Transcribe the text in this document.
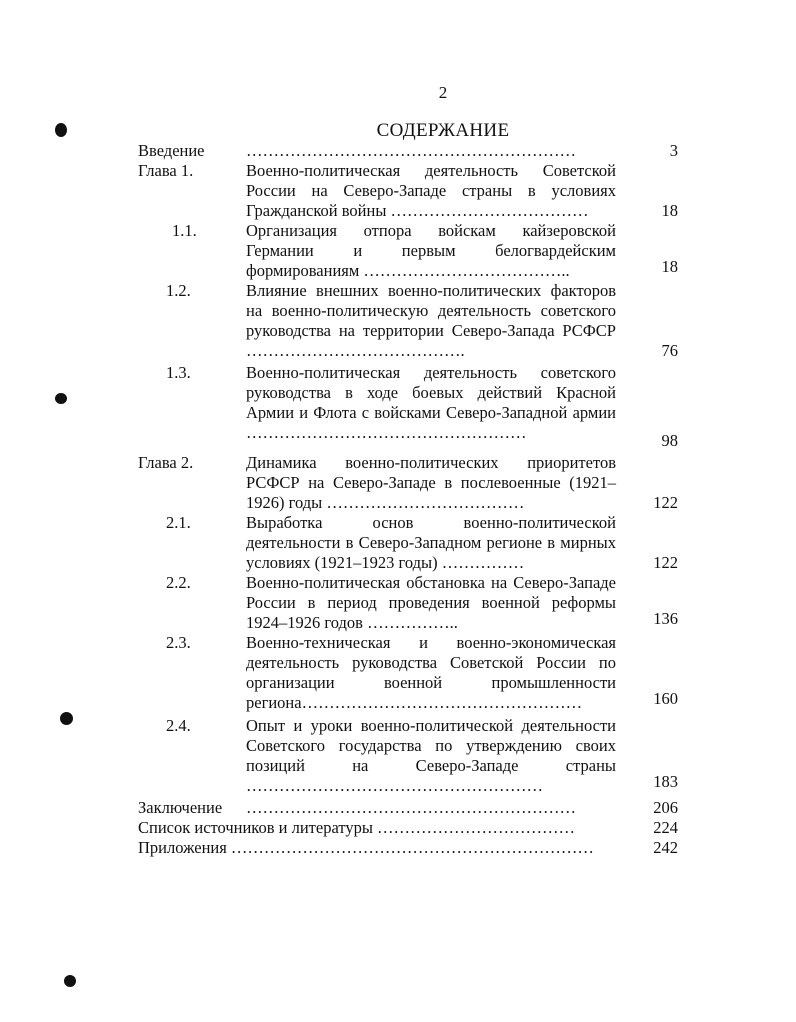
2
СОДЕРЖАНИЕ
Введение	……………………………………………………	3
Глава 1.	Военно-политическая деятельность Советской России на Северо-Западе страны в условиях Гражданской войны ………………………………	18
1.1.	Организация отпора войскам кайзеровской Германии и первым белогвардейским формированиям ………………………………..	18
1.2.	Влияние внешних военно-политических факторов на военно-политическую деятельность советского руководства на территории Северо-Запада РСФСР ………………………………….	76
1.3.	Военно-политическая деятельность советского руководства в ходе боевых действий Красной Армии и Флота с войсками Северо-Западной армии ……………………………………………	98
Глава 2.	Динамика военно-политических приоритетов РСФСР на Северо-Западе в послевоенные (1921–1926) годы ………………………………	122
2.1.	Выработка основ военно-политической деятельности в Северо-Западном регионе в мирных условиях (1921–1923 годы) ……………	122
2.2.	Военно-политическая обстановка на Северо-Западе России в период проведения военной реформы 1924–1926 годов ……………..	136
2.3.	Военно-техническая и военно-экономическая деятельность руководства Советской России по организации военной промышленности региона……………………………………………	160
2.4.	Опыт и уроки военно-политической деятельности Советского государства по утверждению своих позиций на Северо-Западе страны ………………………………………………	183
Заключение	……………………………………………………	206
Список источников и литературы ………………………………	224
Приложения …………………………………………………………	242
